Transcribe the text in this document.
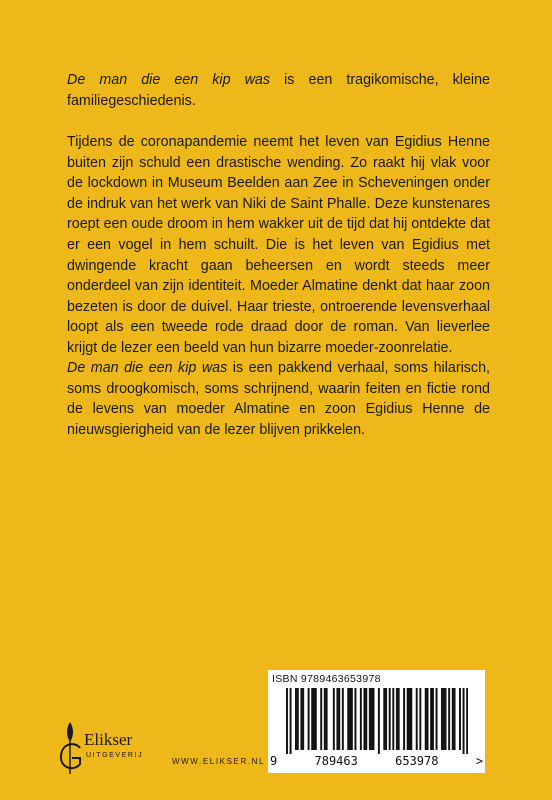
De man die een kip was is een tragikomische, kleine familiegeschiedenis.

Tijdens de coronapandemie neemt het leven van Egidius Henne buiten zijn schuld een drastische wending. Zo raakt hij vlak voor de lockdown in Museum Beelden aan Zee in Scheveningen onder de indruk van het werk van Niki de Saint Phalle. Deze kunstenares roept een oude droom in hem wakker uit de tijd dat hij ontdekte dat er een vogel in hem schuilt. Die is het leven van Egidius met dwingende kracht gaan beheersen en wordt steeds meer onderdeel van zijn identiteit. Moeder Almatine denkt dat haar zoon bezeten is door de duivel. Haar trieste, ontroerende levensverhaal loopt als een tweede rode draad door de roman. Van lieverlee krijgt de lezer een beeld van hun bizarre moeder-zoonrelatie.

De man die een kip was is een pakkend verhaal, soms hilarisch, soms droogkomisch, soms schrijnend, waarin feiten en fictie rond de levens van moeder Almatine en zoon Egidius Henne de nieuwsgierigheid van de lezer blijven prikkelen.

Elikser
UITGEVERIJ
WWW.ELIKSER.NL
ISBN 9789463653978
9	789463	653978	>
